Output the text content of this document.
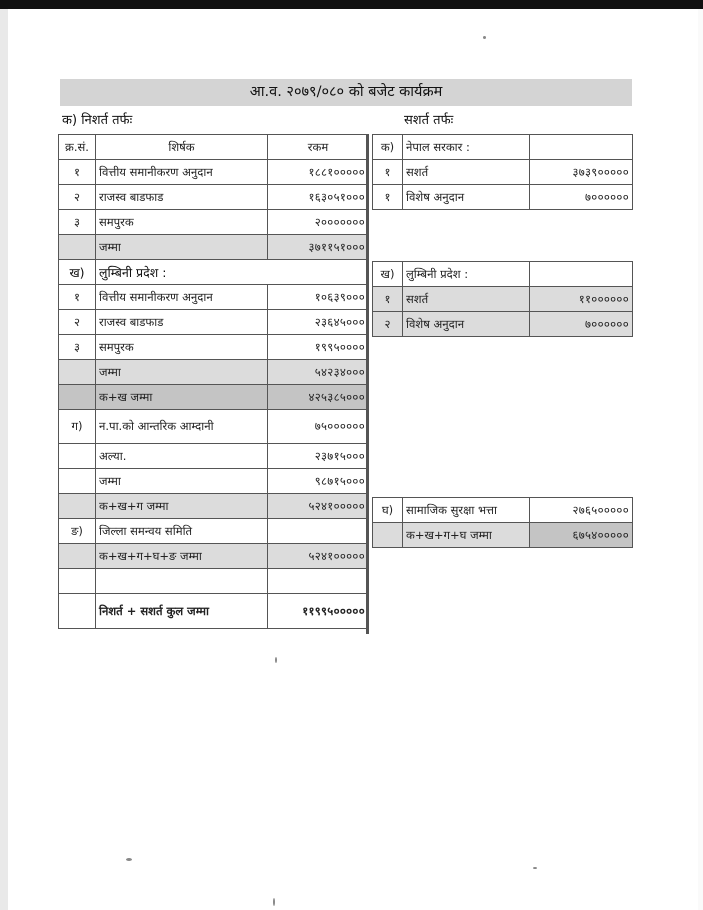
आ.व. २०७९/०८० को बजेट कार्यक्रम
क) निशर्त तर्फः	सशर्त तर्फः
क्र.सं.	शिर्षक	रकम
१	वित्तीय समानीकरण अनुदान	१८८१०००००
२	राजस्व बाडफाड	१६३०५१०००
३	समपुरक	२०००००००
	जम्मा	३७११५१०००
ख)	लुम्बिनी प्रदेश :	
१	वित्तीय समानीकरण अनुदान	१०६३९०००
२	राजस्व बाडफाड	२३६४५०००
३	समपुरक	१९९५००००
	जम्मा	५४२३४०००
	क+ख जम्मा	४२५३८५०००
ग)	न.पा.को आन्तरिक आम्दानी	७५००००००
	अल्या.	२३७१५०००
	जम्मा	९८७१५०००
	क+ख+ग जम्मा	५२४१०००००
ङ)	जिल्ला समन्वय समिति	
	क+ख+ग+घ+ङ जम्मा	५२४१०००००

	निशर्त + सशर्त कुल जम्मा	११९९५०००००
क)	नेपाल सरकार :	
१	सशर्त	३७३९०००००
१	विशेष अनुदान	७००००००
ख)	लुम्बिनी प्रदेश :	
१	सशर्त	११००००००
२	विशेष अनुदान	७००००००
घ)	सामाजिक सुरक्षा भत्ता	२७६५०००००
	क+ख+ग+घ जम्मा	६७५४०००००
